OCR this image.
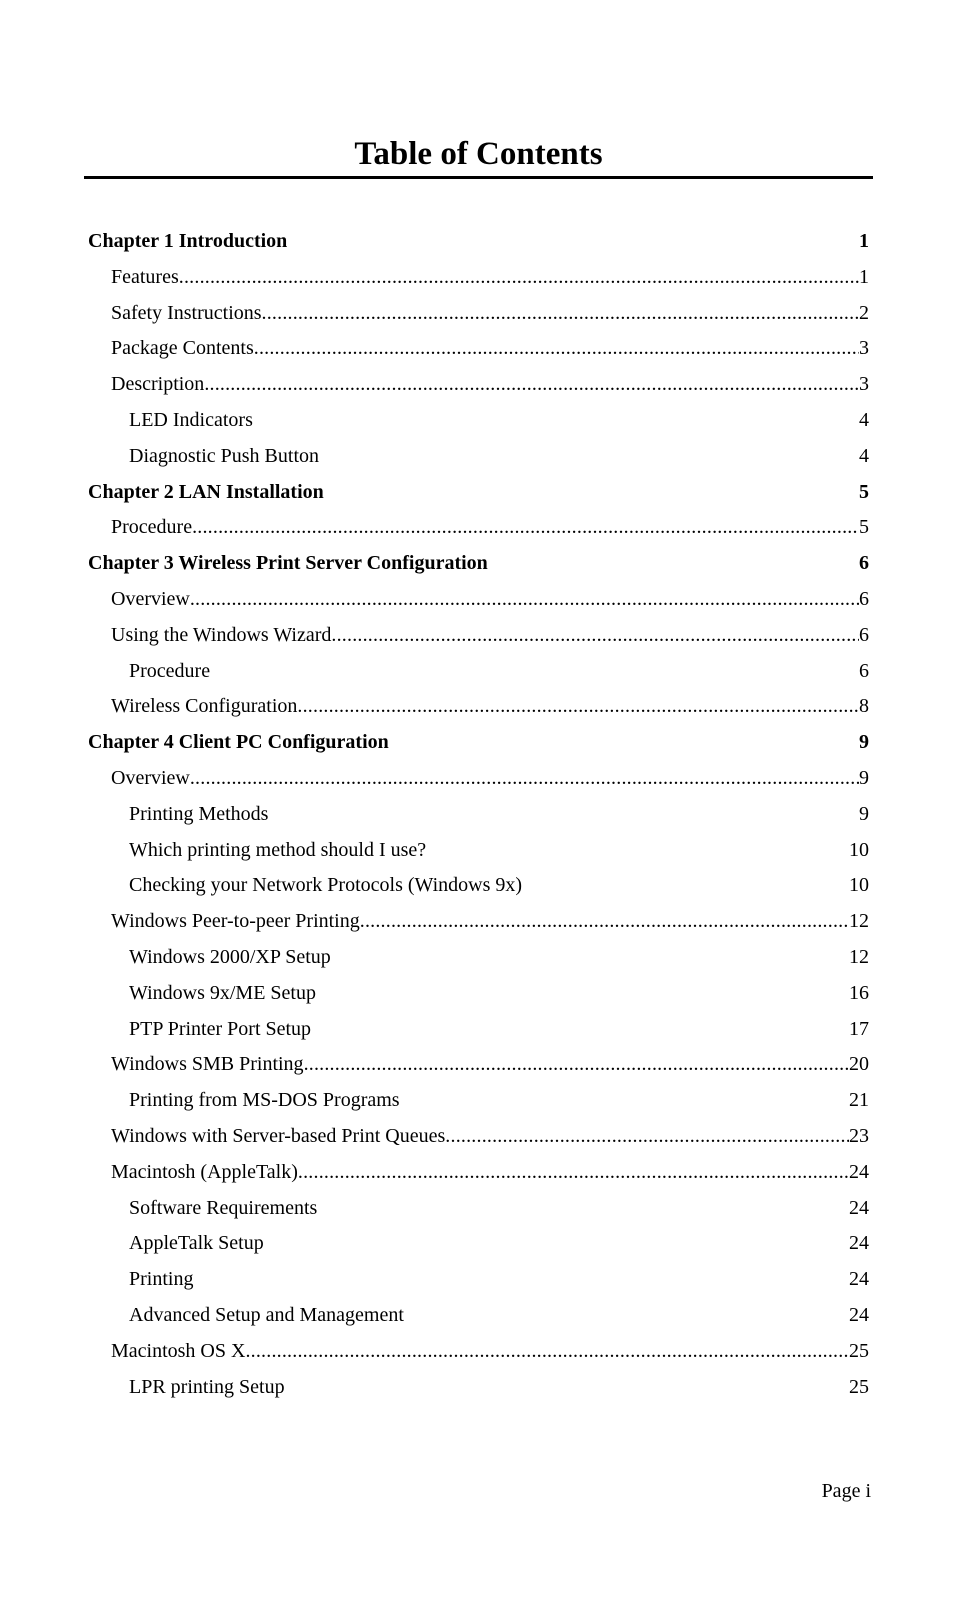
Table of Contents
Chapter 1 Introduction	1
Features .....	1
Safety Instructions .....	2
Package Contents .....	3
Description .....	3
LED Indicators	4
Diagnostic Push Button	4
Chapter 2 LAN Installation	5
Procedure .....	5
Chapter 3 Wireless Print Server Configuration	6
Overview .....	6
Using the Windows Wizard .....	6
Procedure	6
Wireless Configuration .....	8
Chapter 4 Client PC Configuration	9
Overview .....	9
Printing Methods	9
Which printing method should I use?	10
Checking your Network Protocols (Windows 9x)	10
Windows Peer-to-peer Printing .....	12
Windows 2000/XP Setup	12
Windows 9x/ME Setup	16
PTP Printer Port Setup	17
Windows SMB Printing .....	20
Printing from MS-DOS Programs	21
Windows with Server-based Print Queues .....	23
Macintosh (AppleTalk) .....	24
Software Requirements	24
AppleTalk Setup	24
Printing	24
Advanced Setup and Management	24
Macintosh OS X .....	25
LPR printing Setup	25
Page i
